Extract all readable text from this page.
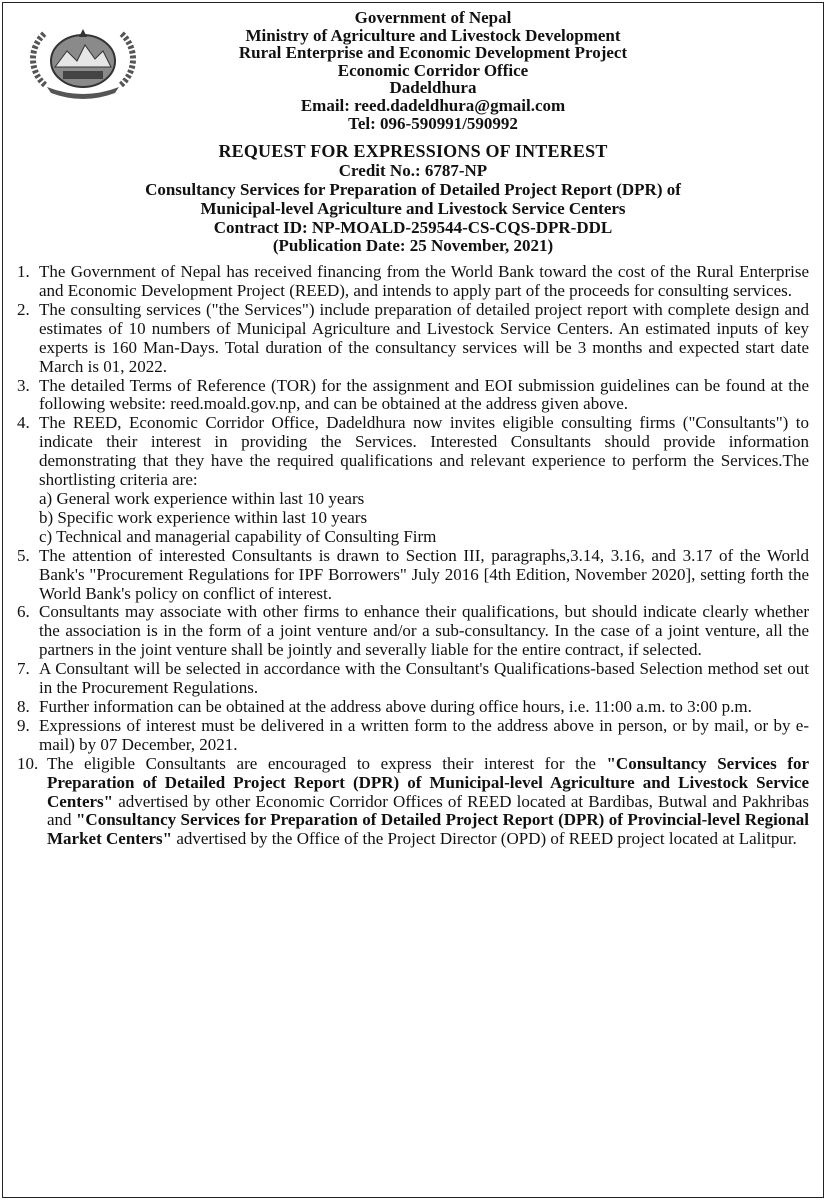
Government of Nepal
Ministry of Agriculture and Livestock Development
Rural Enterprise and Economic Development Project
Economic Corridor Office
Dadeldhura
Email: reed.dadeldhura@gmail.com
Tel: 096-590991/590992
REQUEST FOR EXPRESSIONS OF INTEREST
Credit No.: 6787-NP
Consultancy Services for Preparation of Detailed Project Report (DPR) of
Municipal-level Agriculture and Livestock Service Centers
Contract ID: NP-MOALD-259544-CS-CQS-DPR-DDL
(Publication Date: 25 November, 2021)
1. The Government of Nepal has received financing from the World Bank toward the cost of the Rural Enterprise and Economic Development Project (REED), and intends to apply part of the proceeds for consulting services.
2. The consulting services ("the Services") include preparation of detailed project report with complete design and estimates of 10 numbers of Municipal Agriculture and Livestock Service Centers. An estimated inputs of key experts is 160 Man-Days. Total duration of the consultancy services will be 3 months and expected start date March is 01, 2022.
3. The detailed Terms of Reference (TOR) for the assignment and EOI submission guidelines can be found at the following website: reed.moald.gov.np, and can be obtained at the address given above.
4. The REED, Economic Corridor Office, Dadeldhura now invites eligible consulting firms ("Consultants") to indicate their interest in providing the Services. Interested Consultants should provide information demonstrating that they have the required qualifications and relevant experience to perform the Services.The shortlisting criteria are:
a) General work experience within last 10 years
b) Specific work experience within last 10 years
c) Technical and managerial capability of Consulting Firm
5. The attention of interested Consultants is drawn to Section III, paragraphs,3.14, 3.16, and 3.17 of the World Bank's "Procurement Regulations for IPF Borrowers" July 2016 [4th Edition, November 2020], setting forth the World Bank's policy on conflict of interest.
6. Consultants may associate with other firms to enhance their qualifications, but should indicate clearly whether the association is in the form of a joint venture and/or a sub-consultancy. In the case of a joint venture, all the partners in the joint venture shall be jointly and severally liable for the entire contract, if selected.
7. A Consultant will be selected in accordance with the Consultant's Qualifications-based Selection method set out in the Procurement Regulations.
8. Further information can be obtained at the address above during office hours, i.e. 11:00 a.m. to 3:00 p.m.
9. Expressions of interest must be delivered in a written form to the address above in person, or by mail, or by e-mail) by 07 December, 2021.
10. The eligible Consultants are encouraged to express their interest for the "Consultancy Services for Preparation of Detailed Project Report (DPR) of Municipal-level Agriculture and Livestock Service Centers" advertised by other Economic Corridor Offices of REED located at Bardibas, Butwal and Pakhribas and "Consultancy Services for Preparation of Detailed Project Report (DPR) of Provincial-level Regional Market Centers" advertised by the Office of the Project Director (OPD) of REED project located at Lalitpur.
